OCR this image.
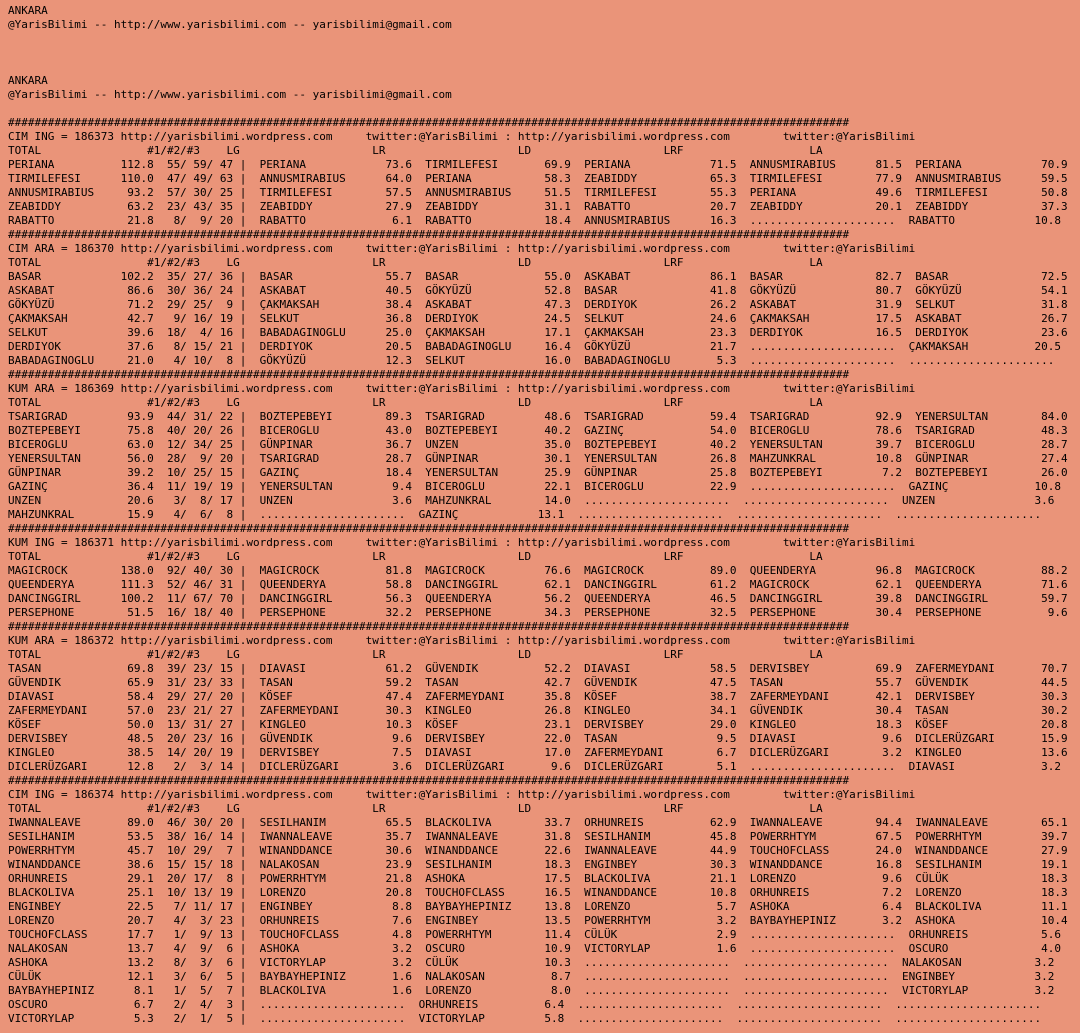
ANKARA
@YarisBilimi -- http://www.yarisbilimi.com -- yarisbilimi@gmail.com

ANKARA
@YarisBilimi -- http://www.yarisbilimi.com -- yarisbilimi@gmail.com

###############################################################################################################################
CIM ING = 186373 http://yarisbilimi.wordpress.com     twitter:@YarisBilimi : http://yarisbilimi.wordpress.com        twitter:@YarisBilimi
TOTAL                #1/#2/#3    LG                    LR                    LD                    LRF                   LA
PERIANA          112.8  55/ 59/ 47 |  PERIANA            73.6  TIRMILEFESI       69.9  PERIANA            71.5  ANNUSMIRABIUS      81.5  PERIANA            70.9
TIRMILEFESI      110.0  47/ 49/ 63 |  ANNUSMIRABIUS      64.0  PERIANA           58.3  ZEABIDDY           65.3  TIRMILEFESI        77.9  ANNUSMIRABIUS      59.5
ANNUSMIRABIUS     93.2  57/ 30/ 25 |  TIRMILEFESI        57.5  ANNUSMIRABIUS     51.5  TIRMILEFESI        55.3  PERIANA            49.6  TIRMILEFESI        50.8
ZEABIDDY          63.2  23/ 43/ 35 |  ZEABIDDY           27.9  ZEABIDDY          31.1  RABATTO            20.7  ZEABIDDY           20.1  ZEABIDDY           37.3
RABATTO           21.8   8/  9/ 20 |  RABATTO             6.1  RABATTO           18.4  ANNUSMIRABIUS      16.3  ......................  RABATTO            10.8
###############################################################################################################################
CIM ARA = 186370 http://yarisbilimi.wordpress.com     twitter:@YarisBilimi : http://yarisbilimi.wordpress.com        twitter:@YarisBilimi
TOTAL                #1/#2/#3    LG                    LR                    LD                    LRF                   LA
BASAR            102.2  35/ 27/ 36 |  BASAR              55.7  BASAR             55.0  ASKABAT            86.1  BASAR              82.7  BASAR              72.5
ASKABAT           86.6  30/ 36/ 24 |  ASKABAT            40.5  GÖKYÜZÜ           52.8  BASAR              41.8  GÖKYÜZÜ            80.7  GÖKYÜZÜ            54.1
GÖKYÜZÜ           71.2  29/ 25/  9 |  ÇAKMAKSAH          38.4  ASKABAT           47.3  DERDIYOK           26.2  ASKABAT            31.9  SELKUT             31.8
ÇAKMAKSAH         42.7   9/ 16/ 19 |  SELKUT             36.8  DERDIYOK          24.5  SELKUT             24.6  ÇAKMAKSAH          17.5  ASKABAT            26.7
SELKUT            39.6  18/  4/ 16 |  BABADAGINOGLU      25.0  ÇAKMAKSAH         17.1  ÇAKMAKSAH          23.3  DERDIYOK           16.5  DERDIYOK           23.6
DERDIYOK          37.6   8/ 15/ 21 |  DERDIYOK           20.5  BABADAGINOGLU     16.4  GÖKYÜZÜ            21.7  ......................  ÇAKMAKSAH          20.5
BABADAGINOGLU     21.0   4/ 10/  8 |  GÖKYÜZÜ            12.3  SELKUT            16.0  BABADAGINOGLU       5.3  ......................  ......................
###############################################################################################################################
KUM ARA = 186369 http://yarisbilimi.wordpress.com     twitter:@YarisBilimi : http://yarisbilimi.wordpress.com        twitter:@YarisBilimi
TOTAL                #1/#2/#3    LG                    LR                    LD                    LRF                   LA
TSARIGRAD         93.9  44/ 31/ 22 |  BOZTEPEBEYI        89.3  TSARIGRAD         48.6  TSARIGRAD          59.4  TSARIGRAD          92.9  YENERSULTAN        84.0
BOZTEPEBEYI       75.8  40/ 20/ 26 |  BICEROGLU          43.0  BOZTEPEBEYI       40.2  GAZINÇ             54.0  BICEROGLU          78.6  TSARIGRAD          48.3
BICEROGLU         63.0  12/ 34/ 25 |  GÜNPINAR           36.7  UNZEN             35.0  BOZTEPEBEYI        40.2  YENERSULTAN        39.7  BICEROGLU          28.7
YENERSULTAN       56.0  28/  9/ 20 |  TSARIGRAD          28.7  GÜNPINAR          30.1  YENERSULTAN        26.8  MAHZUNKRAL         10.8  GÜNPINAR           27.4
GÜNPINAR          39.2  10/ 25/ 15 |  GAZINÇ             18.4  YENERSULTAN       25.9  GÜNPINAR           25.8  BOZTEPEBEYI         7.2  BOZTEPEBEYI        26.0
GAZINÇ            36.4  11/ 19/ 19 |  YENERSULTAN         9.4  BICEROGLU         22.1  BICEROGLU          22.9  ......................  GAZINÇ             10.8
UNZEN             20.6   3/  8/ 17 |  UNZEN               3.6  MAHZUNKRAL        14.0  ......................  ......................  UNZEN               3.6
MAHZUNKRAL        15.9   4/  6/  8 |  ......................  GAZINÇ            13.1  ......................  ......................  ......................
###############################################################################################################################
KUM ING = 186371 http://yarisbilimi.wordpress.com     twitter:@YarisBilimi : http://yarisbilimi.wordpress.com        twitter:@YarisBilimi
TOTAL                #1/#2/#3    LG                    LR                    LD                    LRF                   LA
MAGICROCK        138.0  92/ 40/ 30 |  MAGICROCK          81.8  MAGICROCK         76.6  MAGICROCK          89.0  QUEENDERYA         96.8  MAGICROCK          88.2
QUEENDERYA       111.3  52/ 46/ 31 |  QUEENDERYA         58.8  DANCINGGIRL       62.1  DANCINGGIRL        61.2  MAGICROCK          62.1  QUEENDERYA         71.6
DANCINGGIRL      100.2  11/ 67/ 70 |  DANCINGGIRL        56.3  QUEENDERYA        56.2  QUEENDERYA         46.5  DANCINGGIRL        39.8  DANCINGGIRL        59.7
PERSEPHONE        51.5  16/ 18/ 40 |  PERSEPHONE         32.2  PERSEPHONE        34.3  PERSEPHONE         32.5  PERSEPHONE         30.4  PERSEPHONE          9.6
###############################################################################################################################
KUM ARA = 186372 http://yarisbilimi.wordpress.com     twitter:@YarisBilimi : http://yarisbilimi.wordpress.com        twitter:@YarisBilimi
TOTAL                #1/#2/#3    LG                    LR                    LD                    LRF                   LA
TASAN             69.8  39/ 23/ 15 |  DIAVASI            61.2  GÜVENDIK          52.2  DIAVASI            58.5  DERVISBEY          69.9  ZAFERMEYDANI       70.7
GÜVENDIK          65.9  31/ 23/ 33 |  TASAN              59.2  TASAN             42.7  GÜVENDIK           47.5  TASAN              55.7  GÜVENDIK           44.5
DIAVASI           58.4  29/ 27/ 20 |  KÖSEF              47.4  ZAFERMEYDANI      35.8  KÖSEF              38.7  ZAFERMEYDANI       42.1  DERVISBEY          30.3
ZAFERMEYDANI      57.0  23/ 21/ 27 |  ZAFERMEYDANI       30.3  KINGLEO           26.8  KINGLEO            34.1  GÜVENDIK           30.4  TASAN              30.2
KÖSEF             50.0  13/ 31/ 27 |  KINGLEO            10.3  KÖSEF             23.1  DERVISBEY          29.0  KINGLEO            18.3  KÖSEF              20.8
DERVISBEY         48.5  20/ 23/ 16 |  GÜVENDIK            9.6  DERVISBEY         22.0  TASAN               9.5  DIAVASI             9.6  DICLERÜZGARI       15.9
KINGLEO           38.5  14/ 20/ 19 |  DERVISBEY           7.5  DIAVASI           17.0  ZAFERMEYDANI        6.7  DICLERÜZGARI        3.2  KINGLEO            13.6
DICLERÜZGARI      12.8   2/  3/ 14 |  DICLERÜZGARI        3.6  DICLERÜZGARI       9.6  DICLERÜZGARI        5.1  ......................  DIAVASI             3.2
###############################################################################################################################
CIM ING = 186374 http://yarisbilimi.wordpress.com     twitter:@YarisBilimi : http://yarisbilimi.wordpress.com        twitter:@YarisBilimi
TOTAL                #1/#2/#3    LG                    LR                    LD                    LRF                   LA
IWANNALEAVE       89.0  46/ 30/ 20 |  SESILHANIM         65.5  BLACKOLIVA        33.7  ORHUNREIS          62.9  IWANNALEAVE        94.4  IWANNALEAVE        65.1
SESILHANIM        53.5  38/ 16/ 14 |  IWANNALEAVE        35.7  IWANNALEAVE       31.8  SESILHANIM         45.8  POWERRHTYM         67.5  POWERRHTYM         39.7
POWERRHTYM        45.7  10/ 29/  7 |  WINANDDANCE        30.6  WINANDDANCE       22.6  IWANNALEAVE        44.9  TOUCHOFCLASS       24.0  WINANDDANCE        27.9
WINANDDANCE       38.6  15/ 15/ 18 |  NALAKOSAN          23.9  SESILHANIM        18.3  ENGINBEY           30.3  WINANDDANCE        16.8  SESILHANIM         19.1
ORHUNREIS         29.1  20/ 17/  8 |  POWERRHTYM         21.8  ASHOKA            17.5  BLACKOLIVA         21.1  LORENZO             9.6  CÜLÜK              18.3
BLACKOLIVA        25.1  10/ 13/ 19 |  LORENZO            20.8  TOUCHOFCLASS      16.5  WINANDDANCE        10.8  ORHUNREIS           7.2  LORENZO            18.3
ENGINBEY          22.5   7/ 11/ 17 |  ENGINBEY            8.8  BAYBAYHEPINIZ     13.8  LORENZO             5.7  ASHOKA              6.4  BLACKOLIVA         11.1
LORENZO           20.7   4/  3/ 23 |  ORHUNREIS           7.6  ENGINBEY          13.5  POWERRHTYM          3.2  BAYBAYHEPINIZ       3.2  ASHOKA             10.4
TOUCHOFCLASS      17.7   1/  9/ 13 |  TOUCHOFCLASS        4.8  POWERRHTYM        11.4  CÜLÜK               2.9  ......................  ORHUNREIS           5.6
NALAKOSAN         13.7   4/  9/  6 |  ASHOKA              3.2  OSCURO            10.9  VICTORYLAP          1.6  ......................  OSCURO              4.0
ASHOKA            13.2   8/  3/  6 |  VICTORYLAP          3.2  CÜLÜK             10.3  ......................  ......................  NALAKOSAN           3.2
CÜLÜK             12.1   3/  6/  5 |  BAYBAYHEPINIZ       1.6  NALAKOSAN          8.7  ......................  ......................  ENGINBEY            3.2
BAYBAYHEPINIZ      8.1   1/  5/  7 |  BLACKOLIVA          1.6  LORENZO            8.0  ......................  ......................  VICTORYLAP          3.2
OSCURO             6.7   2/  4/  3 |  ......................  ORHUNREIS          6.4  ......................  ......................  ......................
VICTORYLAP         5.3   2/  1/  5 |  ......................  VICTORYLAP         5.8  ......................  ......................  ......................
